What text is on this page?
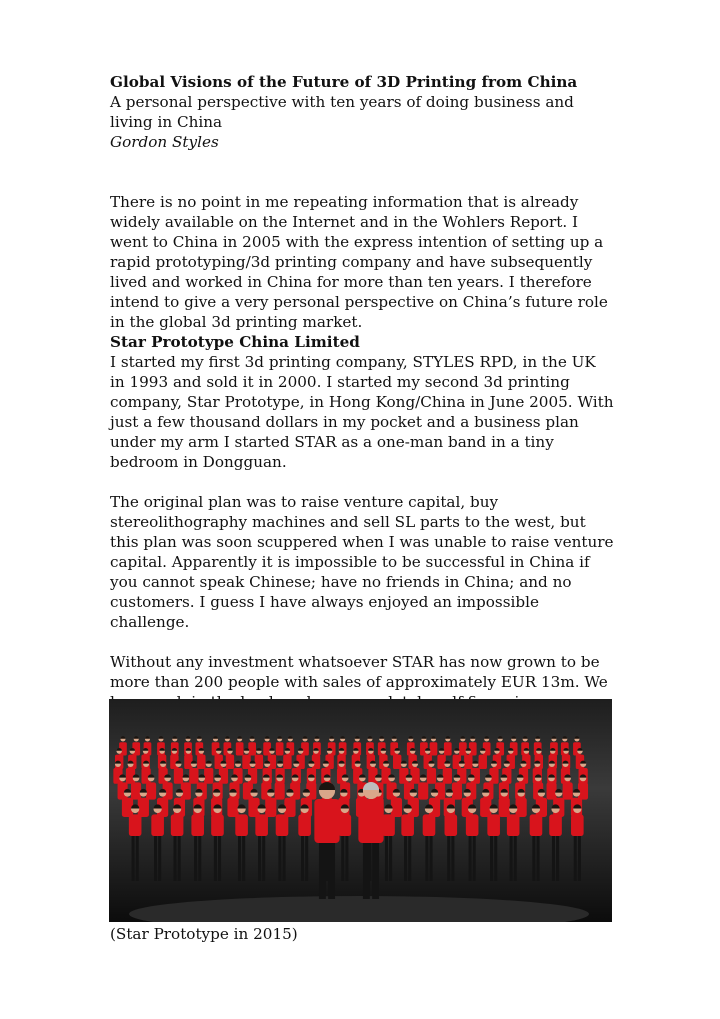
Global Visions of the Future of 3D Printing from China

A personal perspective with ten years of doing business and living in China

Gordon Styles

There is no point in me repeating information that is already widely available on the Internet and in the Wohlers Report. I went to China in 2005 with the express intention of setting up a rapid prototyping/3d printing company and have subsequently lived and worked in China for more than ten years. I therefore intend to give a very personal perspective on China’s future role in the global 3d printing market.

Star Prototype China Limited

I started my first 3d printing company, STYLES RPD, in the UK in 1993 and sold it in 2000. I started my second 3d printing company, Star Prototype, in Hong Kong/China in June 2005. With just a few thousand dollars in my pocket and a business plan under my arm I started STAR as a one-man band in a tiny bedroom in Dongguan.

The original plan was to raise venture capital, buy stereolithography machines and sell SL parts to the west, but this plan was soon scuppered when I was unable to raise venture capital. Apparently it is impossible to be successful in China if you cannot speak Chinese; have no friends in China; and no customers. I guess I have always enjoyed an impossible challenge.

Without any investment whatsoever STAR has now grown to be more than 200 people with sales of approximately EUR 13m. We

(Star Prototype in 2015)
